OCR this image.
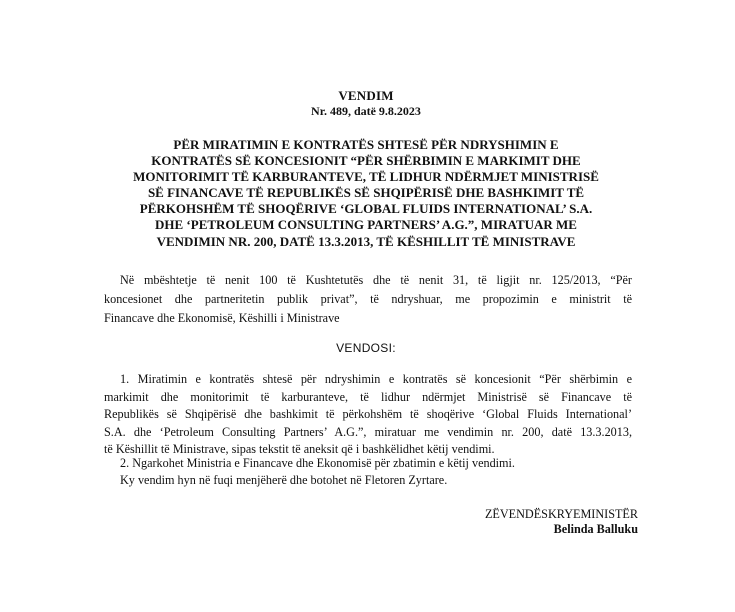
VENDIM
Nr. 489, datë 9.8.2023
PËR MIRATIMIN E KONTRATËS SHTESË PËR NDRYSHIMIN E
KONTRATËS SË KONCESIONIT “PËR SHËRBIMIN E MARKIMIT DHE
MONITORIMIT TË KARBURANTEVE, TË LIDHUR NDËRMJET MINISTRISË
SË FINANCAVE TË REPUBLIKËS SË SHQIPËRISË DHE BASHKIMIT TË
PËRKOHSHËM TË SHOQËRIVE ‘GLOBAL FLUIDS INTERNATIONAL’ S.A.
DHE ‘PETROLEUM CONSULTING PARTNERS’ A.G.”, MIRATUAR ME
VENDIMIN NR. 200, DATË 13.3.2013, TË KËSHILLIT TË MINISTRAVE
Në mbështetje të nenit 100 të Kushtetutës dhe të nenit 31, të ligjit nr. 125/2013, “Për
koncesionet dhe partneritetin publik privat”, të ndryshuar, me propozimin e ministrit të
Financave dhe Ekonomisë, Këshilli i Ministrave
VENDOSI:
1. Miratimin e kontratës shtesë për ndryshimin e kontratës së koncesionit “Për shërbimin e
markimit dhe monitorimit të karburanteve, të lidhur ndërmjet Ministrisë së Financave të
Republikës së Shqipërisë dhe bashkimit të përkohshëm të shoqërive ‘Global Fluids International’
S.A. dhe ‘Petroleum Consulting Partners’ A.G.”, miratuar me vendimin nr. 200, datë 13.3.2013,
të Këshillit të Ministrave, sipas tekstit të aneksit që i bashkëlidhet këtij vendimi.
2. Ngarkohet Ministria e Financave dhe Ekonomisë për zbatimin e këtij vendimi.
Ky vendim hyn në fuqi menjëherë dhe botohet në Fletoren Zyrtare.
ZËVENDËSKRYEMINISTËR
Belinda Balluku
